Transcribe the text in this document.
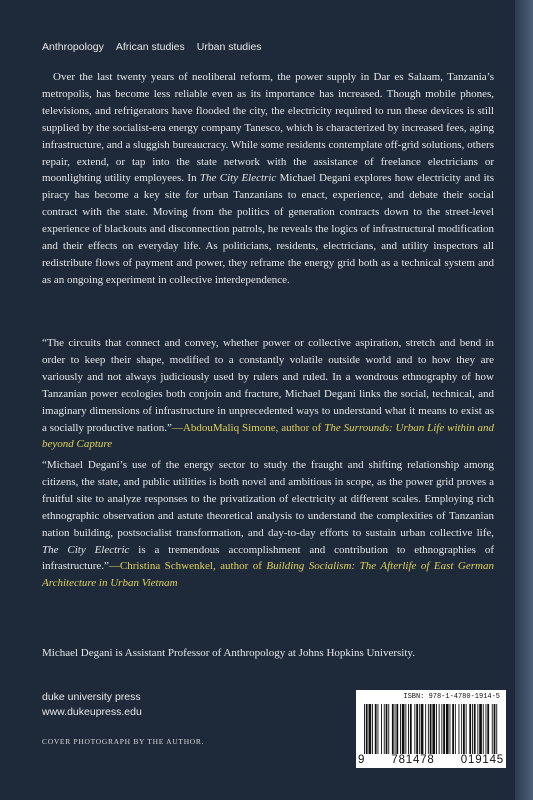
Anthropology African studies Urban studies

Over the last twenty years of neoliberal reform, the power supply in Dar es Salaam, Tanzania’s metropolis, has become less reliable even as its importance has increased. Though mobile phones, televisions, and refrigerators have flooded the city, the electricity required to run these devices is still supplied by the socialist-era energy company Tanesco, which is characterized by increased fees, aging infrastructure, and a sluggish bureaucracy. While some residents contemplate off-grid solutions, others repair, extend, or tap into the state network with the assistance of freelance electricians or moonlighting utility employees. In The City Electric Michael Degani explores how electricity and its piracy has become a key site for urban Tanzanians to enact, experience, and debate their social contract with the state. Moving from the politics of generation contracts down to the street-level experience of blackouts and disconnection patrols, he reveals the logics of infrastructural modification and their effects on everyday life. As politicians, residents, electricians, and utility inspectors all redistribute flows of payment and power, they reframe the energy grid both as a technical system and as an ongoing experiment in collective interdependence.

“The circuits that connect and convey, whether power or collective aspiration, stretch and bend in order to keep their shape, modified to a constantly volatile outside world and to how they are variously and not always judiciously used by rulers and ruled. In a wondrous ethnography of how Tanzanian power ecologies both conjoin and fracture, Michael Degani links the social, technical, and imaginary dimensions of infrastructure in unprecedented ways to understand what it means to exist as a socially productive nation.”—AbdouMaliq Simone, author of The Surrounds: Urban Life within and beyond Capture

“Michael Degani’s use of the energy sector to study the fraught and shifting relationship among citizens, the state, and public utilities is both novel and ambitious in scope, as the power grid proves a fruitful site to analyze responses to the privatization of electricity at different scales. Employing rich ethnographic observation and astute theoretical analysis to understand the complexities of Tanzanian nation building, postsocialist transformation, and day-to-day efforts to sustain urban collective life, The City Electric is a tremendous accomplishment and contribution to ethnographies of infrastructure.”—Christina Schwenkel, author of Building Socialism: The Afterlife of East German Architecture in Urban Vietnam

Michael Degani is Assistant Professor of Anthropology at Johns Hopkins University.

duke university press
www.dukeupress.edu
COVER PHOTOGRAPH BY THE AUTHOR.
ISBN: 978-1-4780-1914-5
9 781478 019145
